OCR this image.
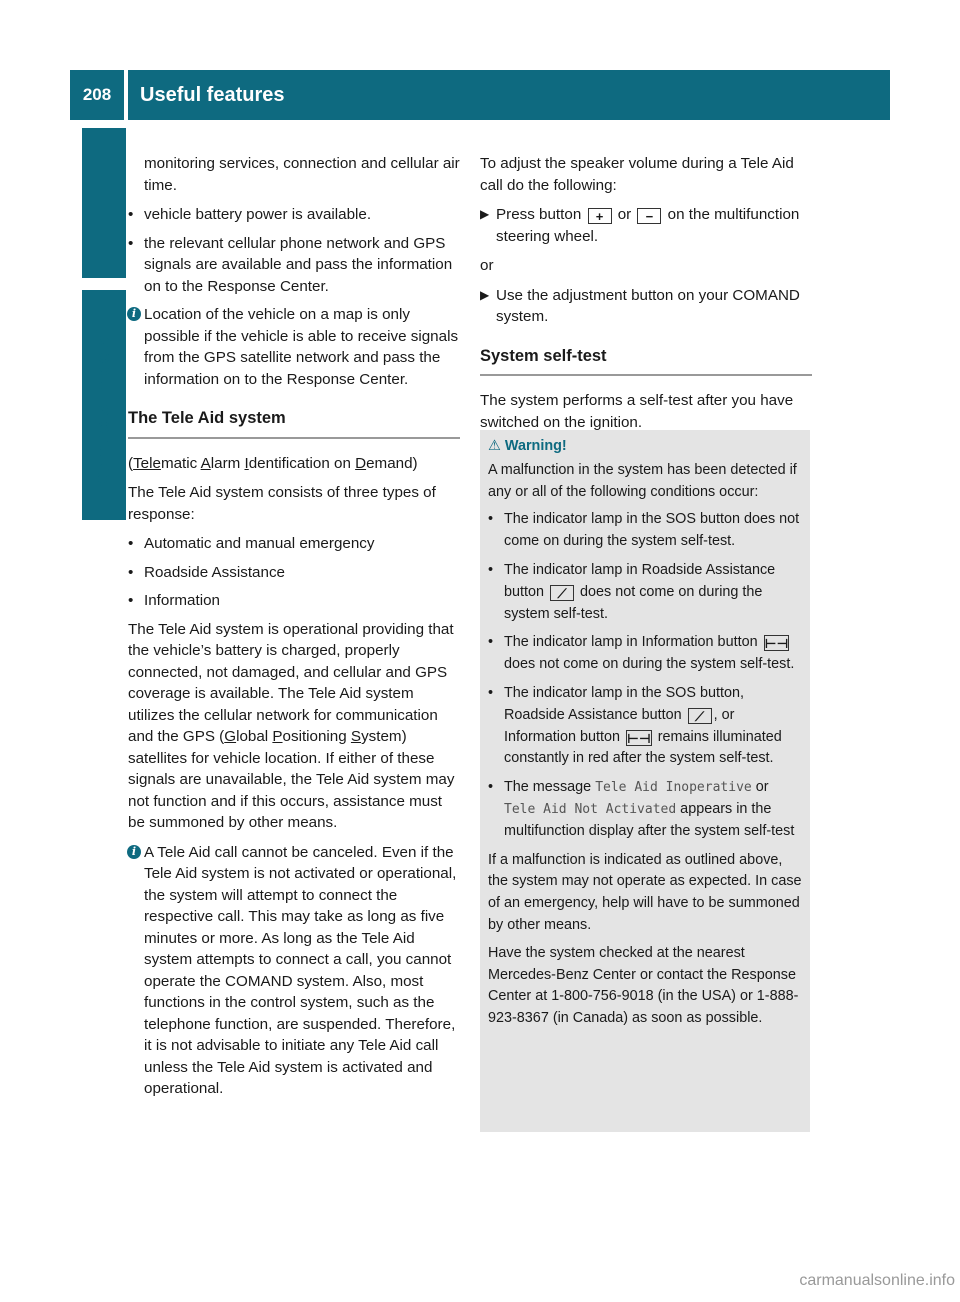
208	Useful features
Controls in detail

monitoring services, connection and cellular air time.

• vehicle battery power is available.
• the relevant cellular phone network and GPS signals are available and pass the information on to the Response Center.
i Location of the vehicle on a map is only possible if the vehicle is able to receive signals from the GPS satellite network and pass the information on to the Response Center.
The Tele Aid system

(Telematic Alarm Identification on Demand)

The Tele Aid system consists of three types of response:

• Automatic and manual emergency
• Roadside Assistance
• Information

The Tele Aid system is operational providing that the vehicle’s battery is charged, properly connected, not damaged, and cellular and GPS coverage is available. The Tele Aid system utilizes the cellular network for communication and the GPS (Global Positioning System) satellites for vehicle location. If either of these signals are unavailable, the Tele Aid system may not function and if this occurs, assistance must be summoned by other means.

i A Tele Aid call cannot be canceled. Even if the Tele Aid system is not activated or operational, the system will attempt to connect the respective call. This may take as long as five minutes or more. As long as the Tele Aid system attempts to connect a call, you cannot operate the COMAND system. Also, most functions in the control system, such as the telephone function, are suspended. Therefore, it is not advisable to initiate any Tele Aid call unless the Tele Aid system is activated and operational.

To adjust the speaker volume during a Tele Aid call do the following:

▶ Press button + or − on the multifunction steering wheel.

or

▶ Use the adjustment button on your COMAND system.
System self-test

The system performs a self-test after you have switched on the ignition.

⚠ Warning!

A malfunction in the system has been detected if any or all of the following conditions occur:

• The indicator lamp in the SOS button does not come on during the system self-test.
• The indicator lamp in Roadside Assistance button ⟋ does not come on during the system self-test.
• The indicator lamp in Information button ⊢⊣ does not come on during the system self-test.
• The indicator lamp in the SOS button, Roadside Assistance button ⟋ , or Information button ⊢⊣ remains illuminated constantly in red after the system self-test.
• The message Tele Aid Inoperative or Tele Aid Not Activated appears in the multifunction display after the system self-test

If a malfunction is indicated as outlined above, the system may not operate as expected. In case of an emergency, help will have to be summoned by other means.

Have the system checked at the nearest Mercedes-Benz Center or contact the Response Center at 1-800-756-9018 (in the USA) or 1-888-923-8367 (in Canada) as soon as possible.

carmanualsonline.info
